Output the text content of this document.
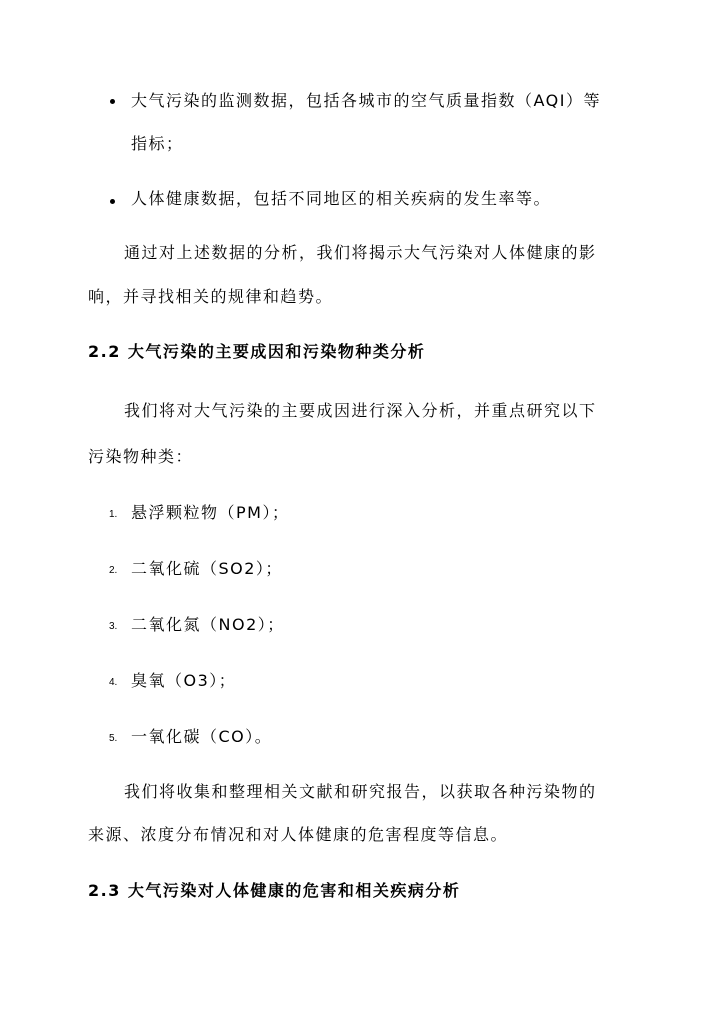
大气污染的监测数据，包括各城市的空气质量指数（AQI）等
指标；
人体健康数据，包括不同地区的相关疾病的发生率等。
通过对上述数据的分析，我们将揭示大气污染对人体健康的影
响，并寻找相关的规律和趋势。
2.2 大气污染的主要成因和污染物种类分析
我们将对大气污染的主要成因进行深入分析，并重点研究以下
污染物种类：
1. 悬浮颗粒物（PM）；
2. 二氧化硫（SO2）；
3. 二氧化氮（NO2）；
4. 臭氧（O3）；
5. 一氧化碳（CO）。
我们将收集和整理相关文献和研究报告，以获取各种污染物的
来源、浓度分布情况和对人体健康的危害程度等信息。
2.3 大气污染对人体健康的危害和相关疾病分析
